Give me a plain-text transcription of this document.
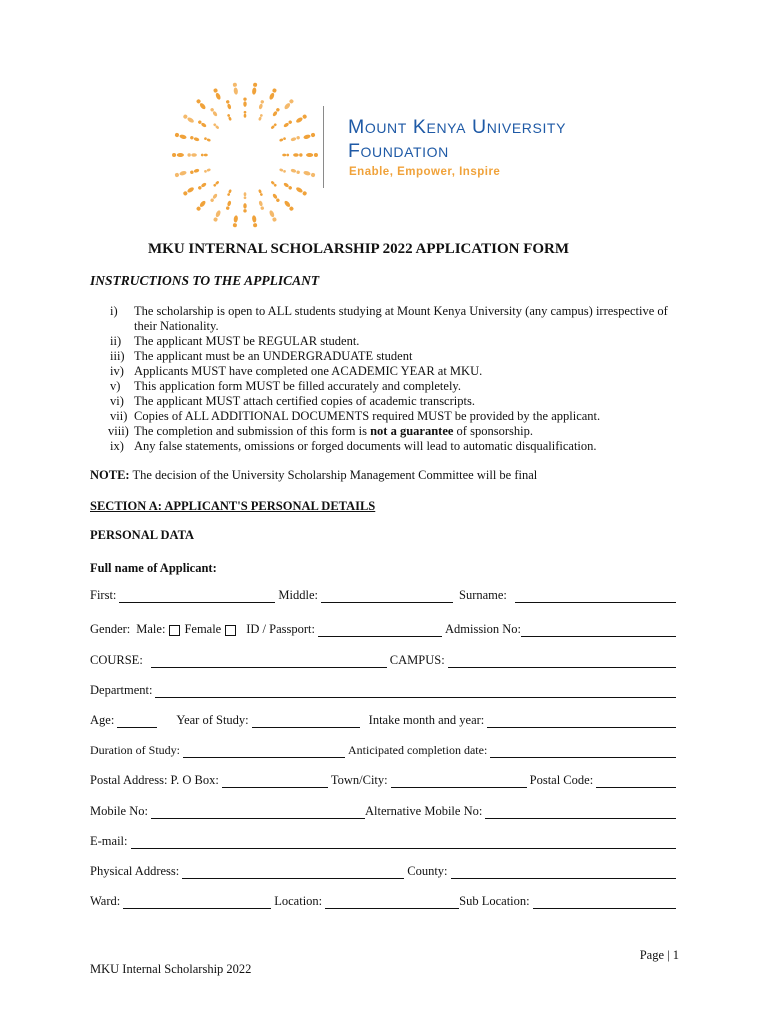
Mount Kenya University
Foundation
Enable, Empower, Inspire
MKU INTERNAL SCHOLARSHIP 2022 APPLICATION FORM
INSTRUCTIONS TO THE APPLICANT
i)	The scholarship is open to ALL students studying at Mount Kenya University (any campus) irrespective of their Nationality.
ii)	The applicant MUST be REGULAR student.
iii) The applicant must be an UNDERGRADUATE student
iv) Applicants MUST have completed one ACADEMIC YEAR at MKU.
v)	This application form MUST be filled accurately and completely.
vi) The applicant MUST attach certified copies of academic transcripts.
vii) Copies of ALL ADDITIONAL DOCUMENTS required MUST be provided by the applicant.
viii) The completion and submission of this form is not a guarantee of sponsorship.
ix) Any false statements, omissions or forged documents will lead to automatic disqualification.
NOTE: The decision of the University Scholarship Management Committee will be final
SECTION A: APPLICANT'S PERSONAL DETAILS
PERSONAL DATA
Full name of Applicant:
First:	Middle:	Surname:
Gender: Male: Female ID / Passport:	Admission No:
COURSE:	CAMPUS:
Department:
Age:	Year of Study:	Intake month and year:
Duration of Study:	Anticipated completion date:
Postal Address: P. O Box:	Town/City:	Postal Code:
Mobile No:	Alternative Mobile No:
E-mail:
Physical Address:	County:
Ward:	Location:	Sub Location:
Page | 1
MKU Internal Scholarship 2022
